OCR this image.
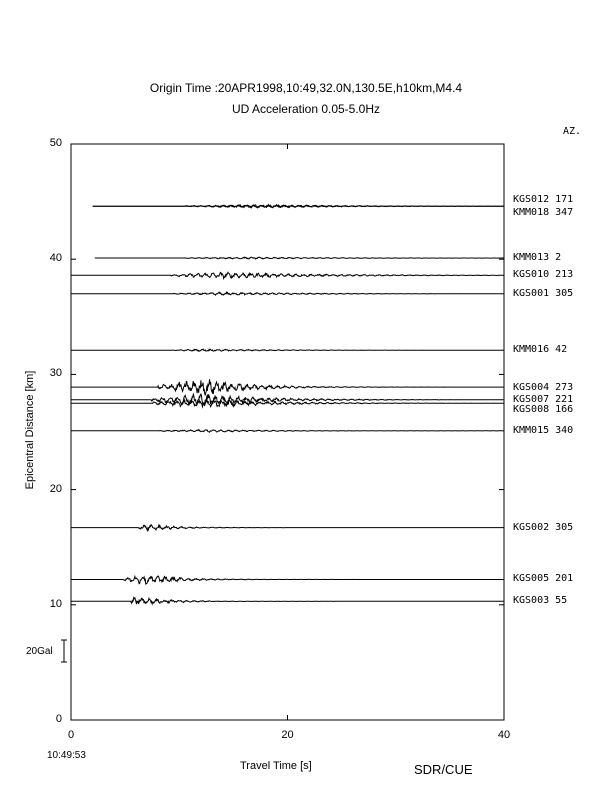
Origin Time :20APR1998,10:49,32.0N,130.5E,h10km,M4.4
UD Acceleration 0.05-5.0Hz
AZ.
0
10
20
30
40
50
0	20	40
KGS012 171
KMM018 347
KMM013 2
KGS010 213
KGS001 305
KMM016 42
KGS004 273
KGS007 221
KGS008 166
KMM015 340
KGS002 305
KGS005 201
KGS003 55
Travel Time [s]
Epicentral Distance [km]
20Gal
10:49:53
SDR/CUE
